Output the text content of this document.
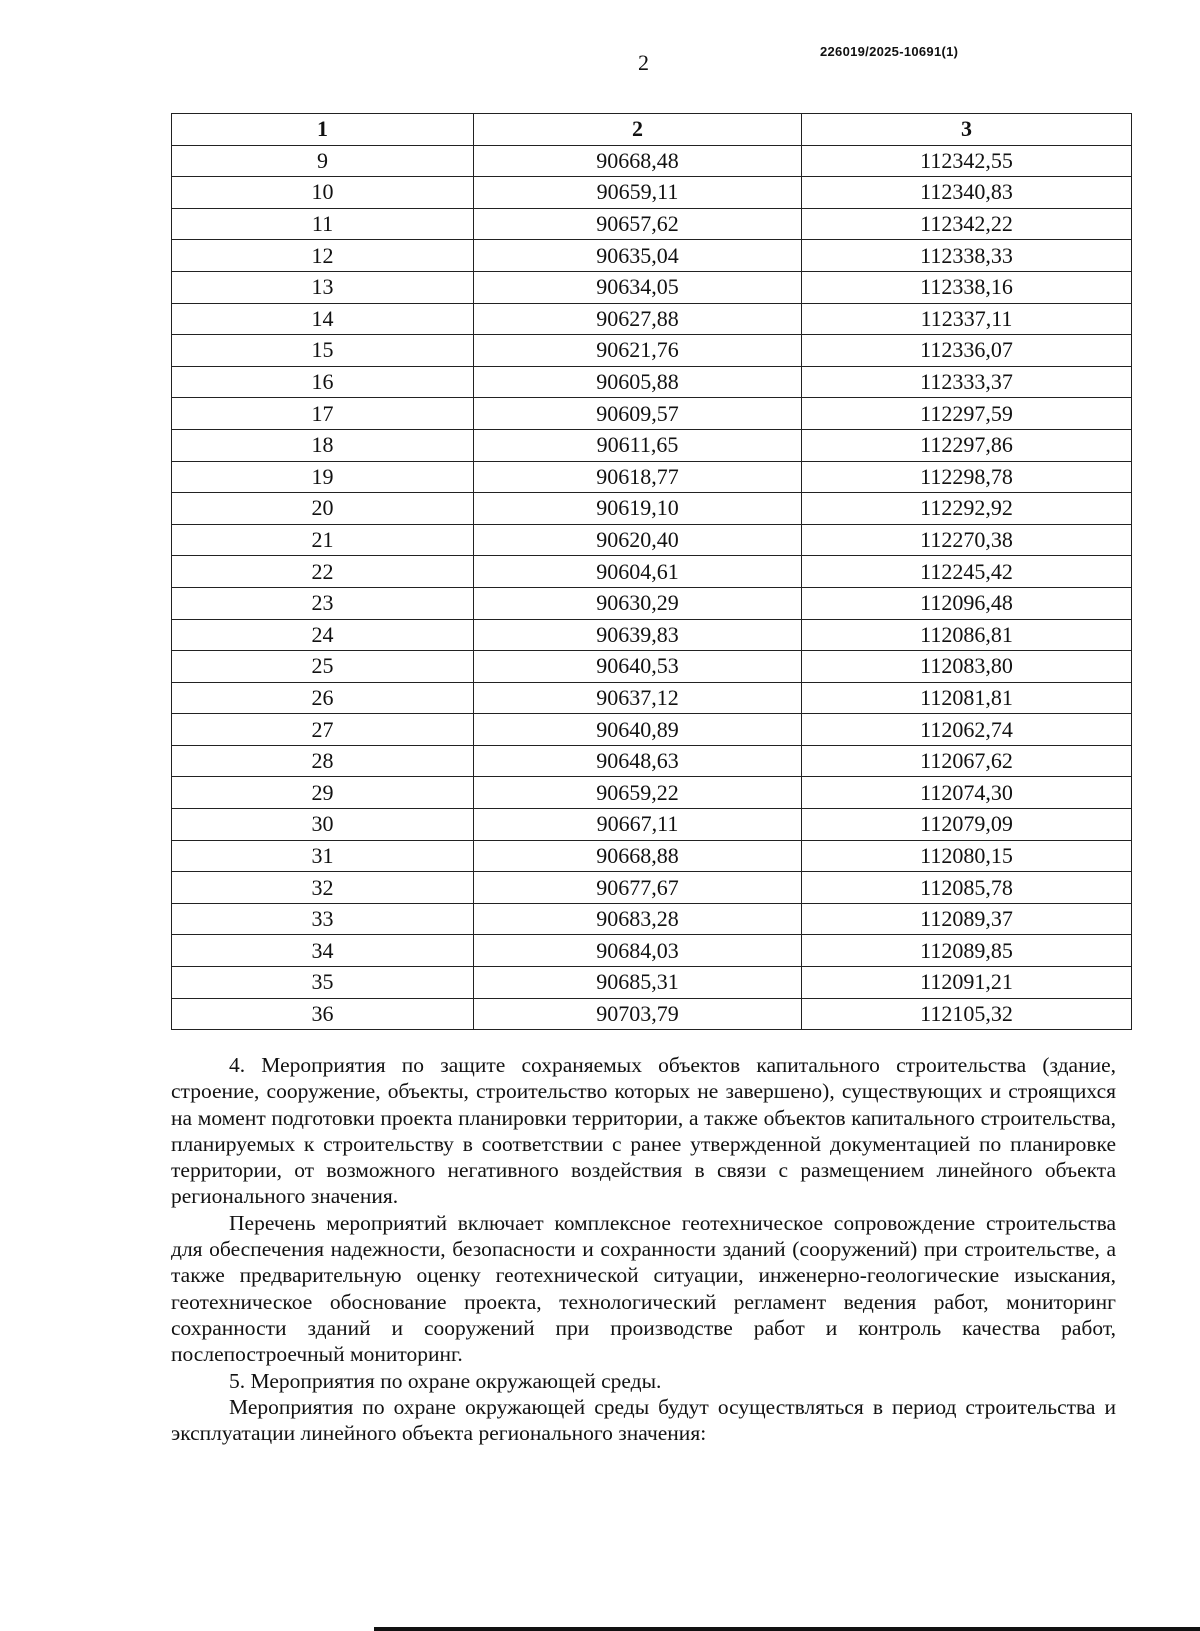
2	226019/2025-10691(1)
1	2	3
9	90668,48	112342,55
10	90659,11	112340,83
11	90657,62	112342,22
12	90635,04	112338,33
13	90634,05	112338,16
14	90627,88	112337,11
15	90621,76	112336,07
16	90605,88	112333,37
17	90609,57	112297,59
18	90611,65	112297,86
19	90618,77	112298,78
20	90619,10	112292,92
21	90620,40	112270,38
22	90604,61	112245,42
23	90630,29	112096,48
24	90639,83	112086,81
25	90640,53	112083,80
26	90637,12	112081,81
27	90640,89	112062,74
28	90648,63	112067,62
29	90659,22	112074,30
30	90667,11	112079,09
31	90668,88	112080,15
32	90677,67	112085,78
33	90683,28	112089,37
34	90684,03	112089,85
35	90685,31	112091,21
36	90703,79	112105,32

4. Мероприятия по защите сохраняемых объектов капитального строительства (здание, строение, сооружение, объекты, строительство которых не завершено), существующих и строящихся на момент подготовки проекта планировки территории, а также объектов капитального строительства, планируемых к строительству в соответствии с ранее утвержденной документацией по планировке территории, от возможного негативного воздействия в связи с размещением линейного объекта регионального значения.

Перечень мероприятий включает комплексное геотехническое сопровождение строительства для обеспечения надежности, безопасности и сохранности зданий (сооружений) при строительстве, а также предварительную оценку геотехнической ситуации, инженерно-геологические изыскания, геотехническое обоснование проекта, технологический регламент ведения работ, мониторинг сохранности зданий и сооружений при производстве работ и контроль качества работ, послепостроечный мониторинг.

5. Мероприятия по охране окружающей среды.

Мероприятия по охране окружающей среды будут осуществляться в период строительства и эксплуатации линейного объекта регионального значения:
